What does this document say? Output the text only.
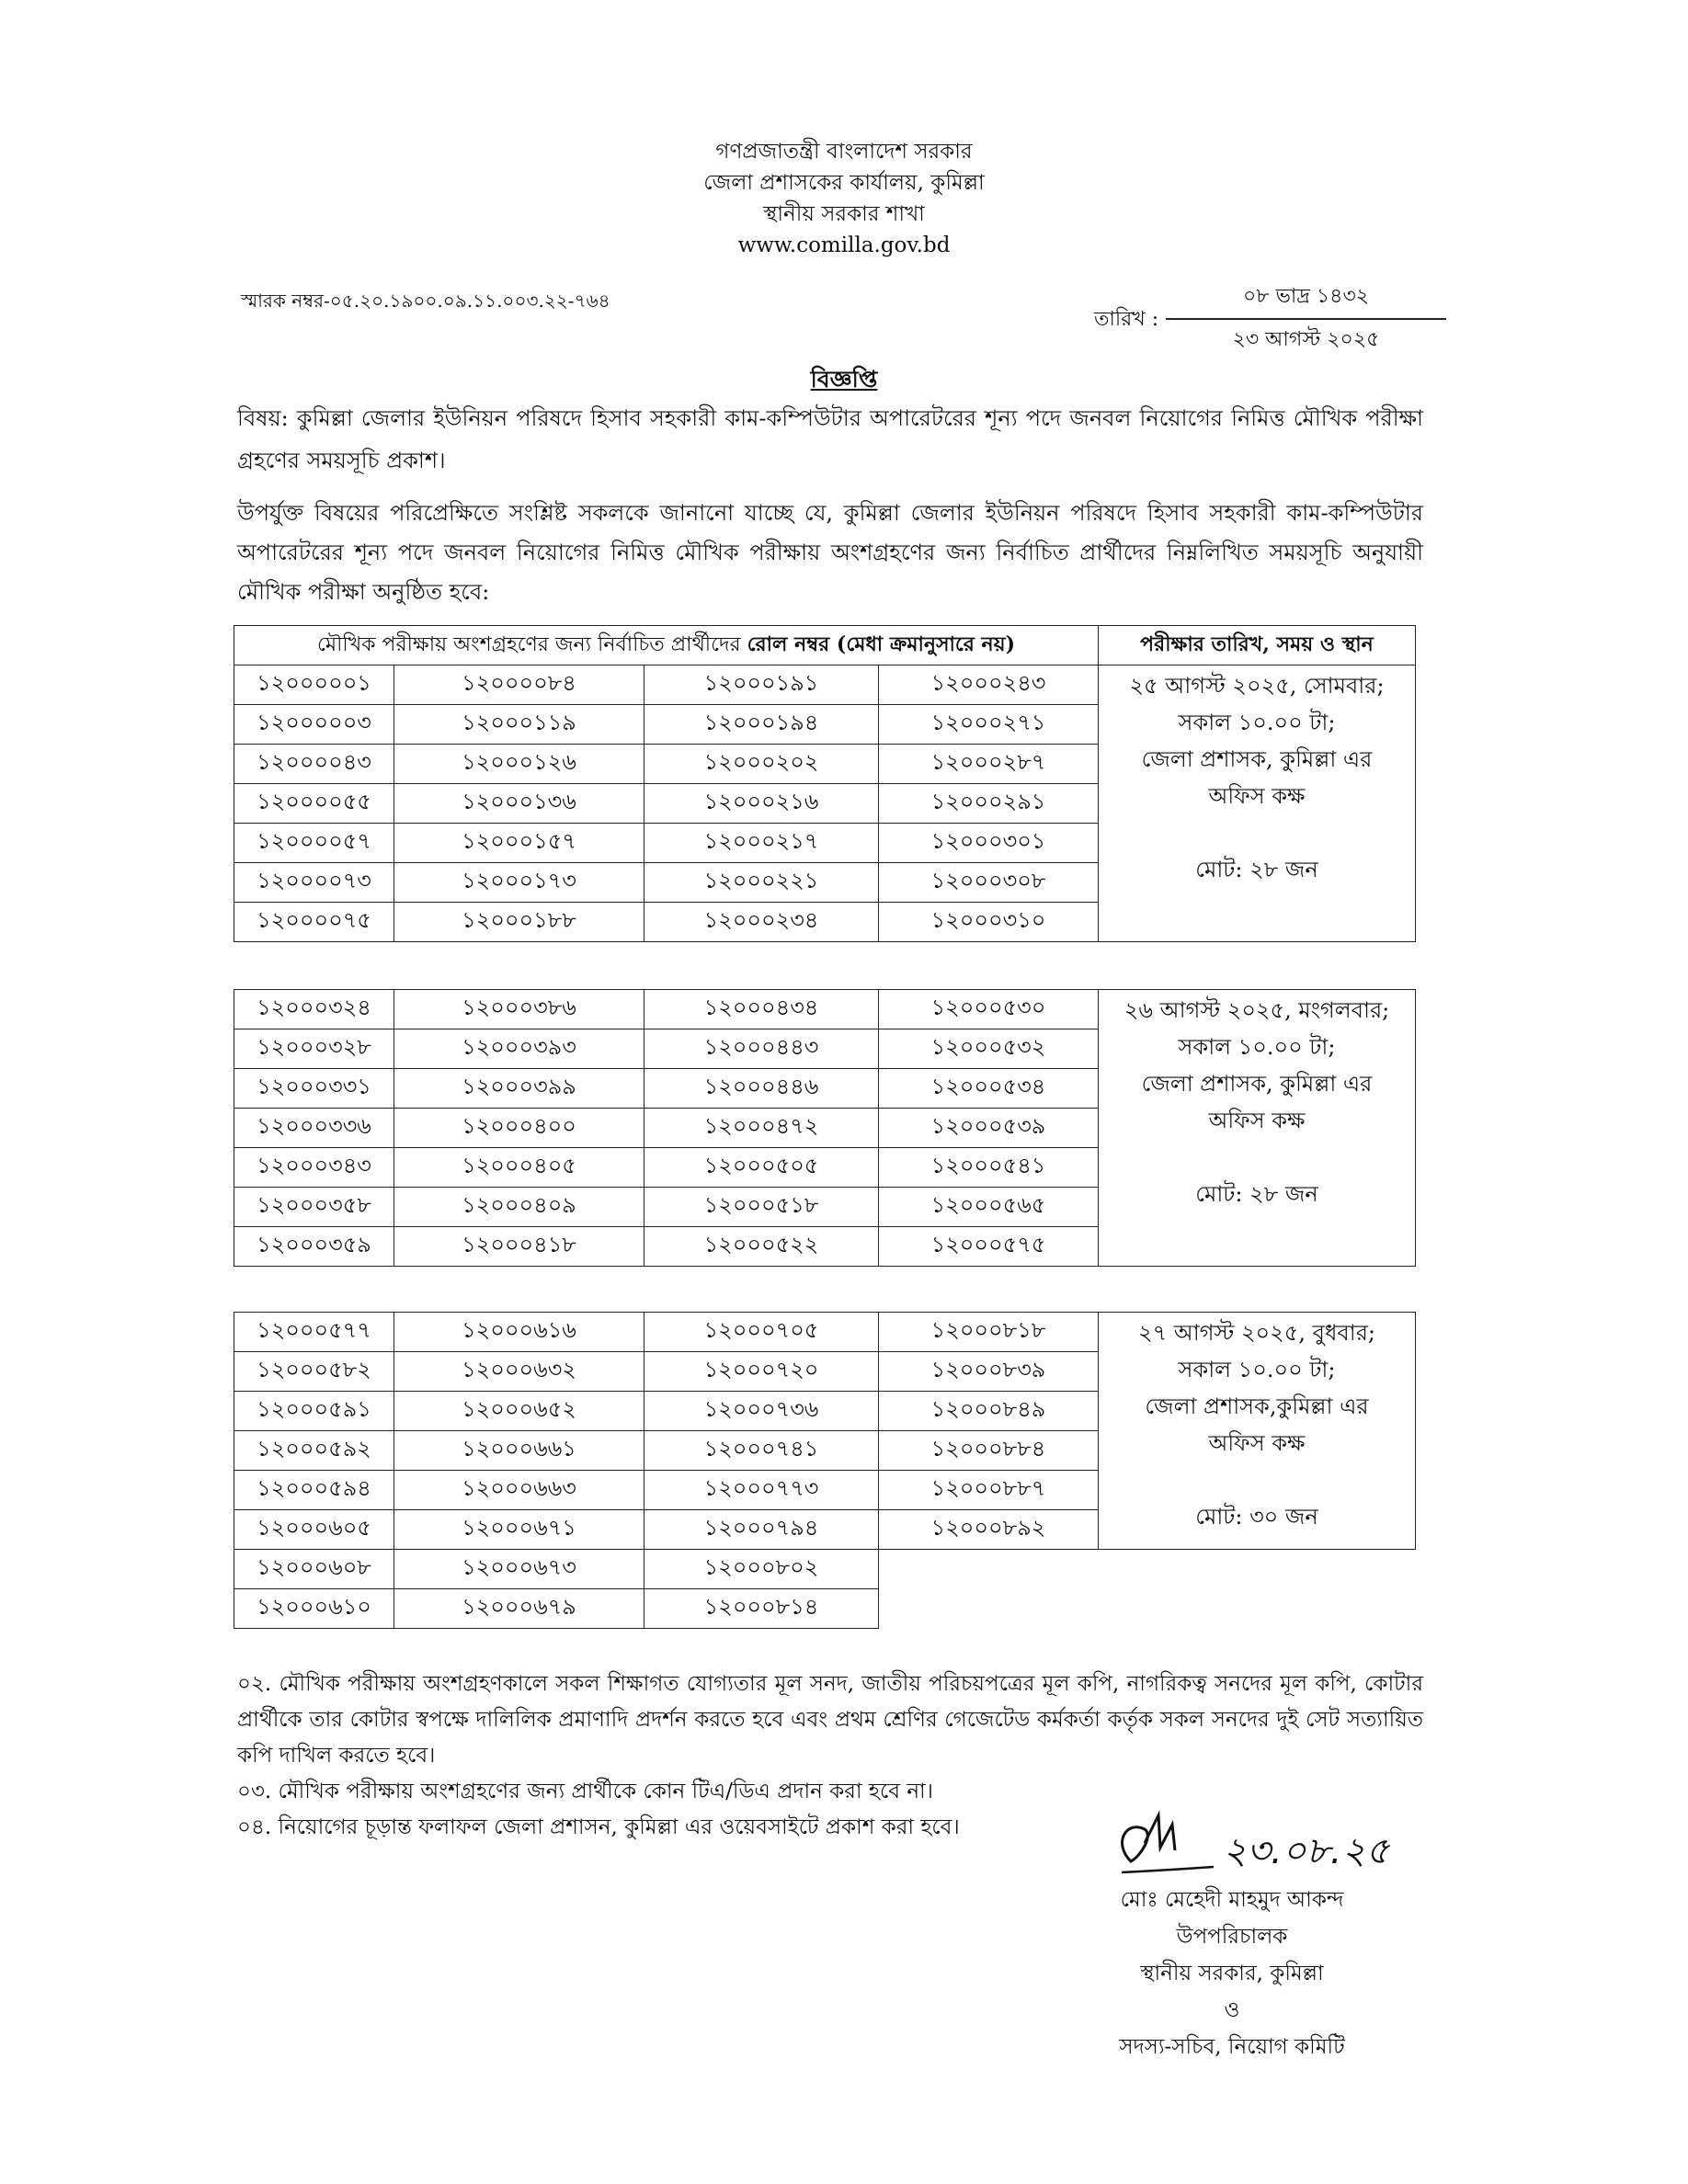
গণপ্রজাতন্ত্রী বাংলাদেশ সরকার
জেলা প্রশাসকের কার্যালয়, কুমিল্লা
স্থানীয় সরকার শাখা
www.comilla.gov.bd
স্মারক নম্বর-০৫.২০.১৯০০.০৯.১১.০০৩.২২-৭৬৪
তারিখ :
০৮ ভাদ্র ১৪৩২
২৩ আগস্ট ২০২৫
বিজ্ঞপ্তি
বিষয়: কুমিল্লা জেলার ইউনিয়ন পরিষদে হিসাব সহকারী কাম-কম্পিউটার অপারেটরের শূন্য পদে জনবল নিয়োগের নিমিত্ত মৌখিক পরীক্ষা গ্রহণের সময়সূচি প্রকাশ।
উপর্যুক্ত বিষয়ের পরিপ্রেক্ষিতে সংশ্লিষ্ট সকলকে জানানো যাচ্ছে যে, কুমিল্লা জেলার ইউনিয়ন পরিষদে হিসাব সহকারী কাম-কম্পিউটার অপারেটরের শূন্য পদে জনবল নিয়োগের নিমিত্ত মৌখিক পরীক্ষায় অংশগ্রহণের জন্য নির্বাচিত প্রার্থীদের নিম্নলিখিত সময়সূচি অনুযায়ী মৌখিক পরীক্ষা অনুষ্ঠিত হবে:
মৌখিক পরীক্ষায় অংশগ্রহণের জন্য নির্বাচিত প্রার্থীদের রোল নম্বর (মেধা ক্রমানুসারে নয়)				পরীক্ষার তারিখ, সময় ও স্থান
১২০০০০০১	১২০০০০৮৪	১২০০০১৯১	১২০০০২৪৩	২৫ আগস্ট ২০২৫, সোমবার;
সকাল ১০.০০ টা;
জেলা প্রশাসক, কুমিল্লা এর
অফিস কক্ষ
মোট: ২৮ জন

১২০০০০০৩	১২০০০১১৯	১২০০০১৯৪	১২০০০২৭১	
১২০০০০৪৩	১২০০০১২৬	১২০০০২০২	১২০০০২৮৭	
১২০০০০৫৫	১২০০০১৩৬	১২০০০২১৬	১২০০০২৯১	
১২০০০০৫৭	১২০০০১৫৭	১২০০০২১৭	১২০০০৩০১	
১২০০০০৭৩	১২০০০১৭৩	১২০০০২২১	১২০০০৩০৮	
১২০০০০৭৫	১২০০০১৮৮	১২০০০২৩৪	১২০০০৩১০	
১২০০০৩২৪	১২০০০৩৮৬	১২০০০৪৩৪	১২০০০৫৩০	২৬ আগস্ট ২০২৫, মংগলবার;
সকাল ১০.০০ টা;
জেলা প্রশাসক, কুমিল্লা এর
অফিস কক্ষ
মোট: ২৮ জন

১২০০০৩২৮	১২০০০৩৯৩	১২০০০৪৪৩	১২০০০৫৩২	
১২০০০৩৩১	১২০০০৩৯৯	১২০০০৪৪৬	১২০০০৫৩৪	
১২০০০৩৩৬	১২০০০৪০০	১২০০০৪৭২	১২০০০৫৩৯	
১২০০০৩৪৩	১২০০০৪০৫	১২০০০৫০৫	১২০০০৫৪১	
১২০০০৩৫৮	১২০০০৪০৯	১২০০০৫১৮	১২০০০৫৬৫	
১২০০০৩৫৯	১২০০০৪১৮	১২০০০৫২২	১২০০০৫৭৫	
১২০০০৫৭৭	১২০০০৬১৬	১২০০০৭০৫	১২০০০৮১৮	২৭ আগস্ট ২০২৫, বুধবার;
সকাল ১০.০০ টা;
জেলা প্রশাসক,কুমিল্লা এর
অফিস কক্ষ
মোট: ৩০ জন

১২০০০৫৮২	১২০০০৬৩২	১২০০০৭২০	১২০০০৮৩৯	
১২০০০৫৯১	১২০০০৬৫২	১২০০০৭৩৬	১২০০০৮৪৯	
১২০০০৫৯২	১২০০০৬৬১	১২০০০৭৪১	১২০০০৮৮৪	
১২০০০৫৯৪	১২০০০৬৬৩	১২০০০৭৭৩	১২০০০৮৮৭	
১২০০০৬০৫	১২০০০৬৭১	১২০০০৭৯৪	১২০০০৮৯২	
১২০০০৬০৮	১২০০০৬৭৩	১২০০০৮০২		
১২০০০৬১০	১২০০০৬৭৯	১২০০০৮১৪		
০২. মৌখিক পরীক্ষায় অংশগ্রহণকালে সকল শিক্ষাগত যোগ্যতার মূল সনদ, জাতীয় পরিচয়পত্রের মূল কপি, নাগরিকত্ব সনদের মূল কপি, কোটার প্রার্থীকে তার কোটার স্বপক্ষে দালিলিক প্রমাণাদি প্রদর্শন করতে হবে এবং প্রথম শ্রেণির গেজেটেড কর্মকর্তা কর্তৃক সকল সনদের দুই সেট সত্যায়িত কপি দাখিল করতে হবে।
০৩. মৌখিক পরীক্ষায় অংশগ্রহণের জন্য প্রার্থীকে কোন টিএ/ডিএ প্রদান করা হবে না।
০৪. নিয়োগের চূড়ান্ত ফলাফল জেলা প্রশাসন, কুমিল্লা এর ওয়েবসাইটে প্রকাশ করা হবে।
২৩.০৮.২৫
মোঃ মেহেদী মাহমুদ আকন্দ
উপপরিচালক
স্থানীয় সরকার, কুমিল্লা
ও
সদস্য-সচিব, নিয়োগ কমিটি
